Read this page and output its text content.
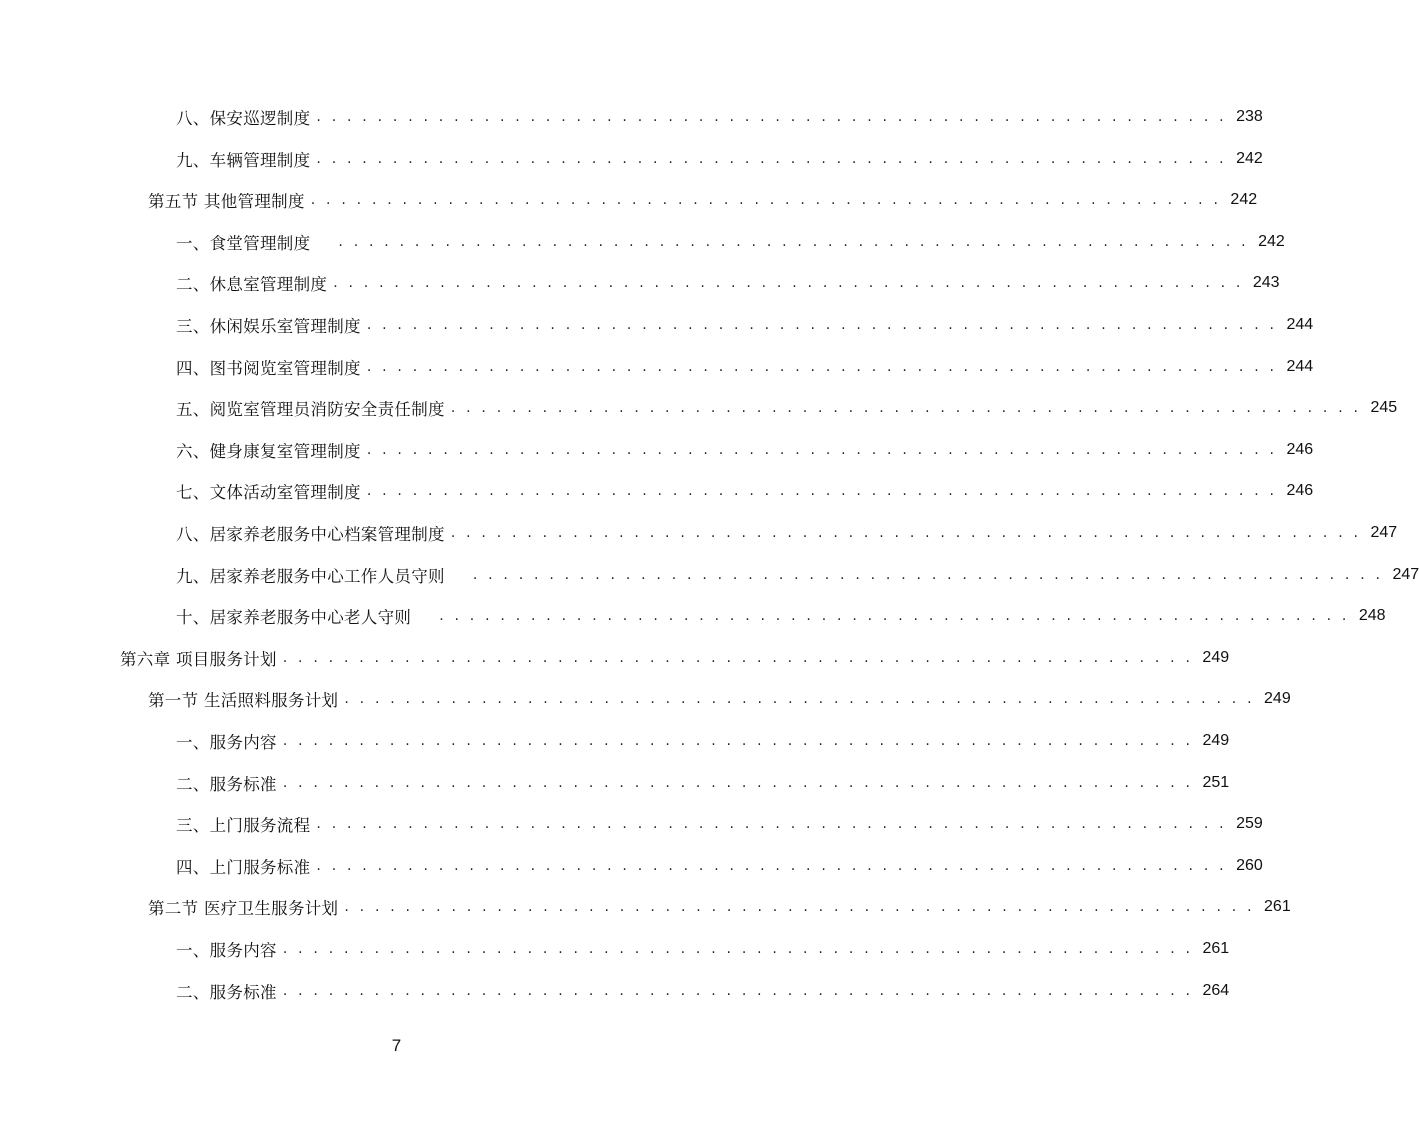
八、保安巡逻制度 . . . . . . . . . . . . . . . . . . . . . . . . . . . . . . . . . . . . . . . . . . . . . . . . . . . . . . . . . . . . 238
九、车辆管理制度 . . . . . . . . . . . . . . . . . . . . . . . . . . . . . . . . . . . . . . . . . . . . . . . . . . . . . . . . . . . . 242
第五节 其他管理制度 . . . . . . . . . . . . . . . . . . . . . . . . . . . . . . . . . . . . . . . . . . . . . . . . . . . . . . . . . . . . 242
一、食堂管理制度 . . . . . . . . . . . . . . . . . . . . . . . . . . . . . . . . . . . . . . . . . . . . . . . . . . . . . . . . . . . . 242
二、休息室管理制度 . . . . . . . . . . . . . . . . . . . . . . . . . . . . . . . . . . . . . . . . . . . . . . . . . . . . . . . . . . . . 243
三、休闲娱乐室管理制度 . . . . . . . . . . . . . . . . . . . . . . . . . . . . . . . . . . . . . . . . . . . . . . . . . . . . . . . . . . . . 244
四、图书阅览室管理制度 . . . . . . . . . . . . . . . . . . . . . . . . . . . . . . . . . . . . . . . . . . . . . . . . . . . . . . . . . . . . 244
五、阅览室管理员消防安全责任制度 . . . . . . . . . . . . . . . . . . . . . . . . . . . . . . . . . . . . . . . . . . . . . . . . . . . . . . . . . . . . 245
六、健身康复室管理制度 . . . . . . . . . . . . . . . . . . . . . . . . . . . . . . . . . . . . . . . . . . . . . . . . . . . . . . . . . . . . 246
七、文体活动室管理制度 . . . . . . . . . . . . . . . . . . . . . . . . . . . . . . . . . . . . . . . . . . . . . . . . . . . . . . . . . . . . 246
八、居家养老服务中心档案管理制度 . . . . . . . . . . . . . . . . . . . . . . . . . . . . . . . . . . . . . . . . . . . . . . . . . . . . . . . . . . . . 247
九、居家养老服务中心工作人员守则 . . . . . . . . . . . . . . . . . . . . . . . . . . . . . . . . . . . . . . . . . . . . . . . . . . . . . . . . . . . . 247
十、居家养老服务中心老人守则 . . . . . . . . . . . . . . . . . . . . . . . . . . . . . . . . . . . . . . . . . . . . . . . . . . . . . . . . . . . . 248
第六章 项目服务计划 . . . . . . . . . . . . . . . . . . . . . . . . . . . . . . . . . . . . . . . . . . . . . . . . . . . . . . . . . . . . 249
第一节 生活照料服务计划 . . . . . . . . . . . . . . . . . . . . . . . . . . . . . . . . . . . . . . . . . . . . . . . . . . . . . . . . . . . . 249
一、服务内容 . . . . . . . . . . . . . . . . . . . . . . . . . . . . . . . . . . . . . . . . . . . . . . . . . . . . . . . . . . . . 249
二、服务标准 . . . . . . . . . . . . . . . . . . . . . . . . . . . . . . . . . . . . . . . . . . . . . . . . . . . . . . . . . . . . 251
三、上门服务流程 . . . . . . . . . . . . . . . . . . . . . . . . . . . . . . . . . . . . . . . . . . . . . . . . . . . . . . . . . . . . 259
四、上门服务标准 . . . . . . . . . . . . . . . . . . . . . . . . . . . . . . . . . . . . . . . . . . . . . . . . . . . . . . . . . . . . 260
第二节 医疗卫生服务计划 . . . . . . . . . . . . . . . . . . . . . . . . . . . . . . . . . . . . . . . . . . . . . . . . . . . . . . . . . . . . 261
一、服务内容 . . . . . . . . . . . . . . . . . . . . . . . . . . . . . . . . . . . . . . . . . . . . . . . . . . . . . . . . . . . . 261
二、服务标准 . . . . . . . . . . . . . . . . . . . . . . . . . . . . . . . . . . . . . . . . . . . . . . . . . . . . . . . . . . . . 264
7
